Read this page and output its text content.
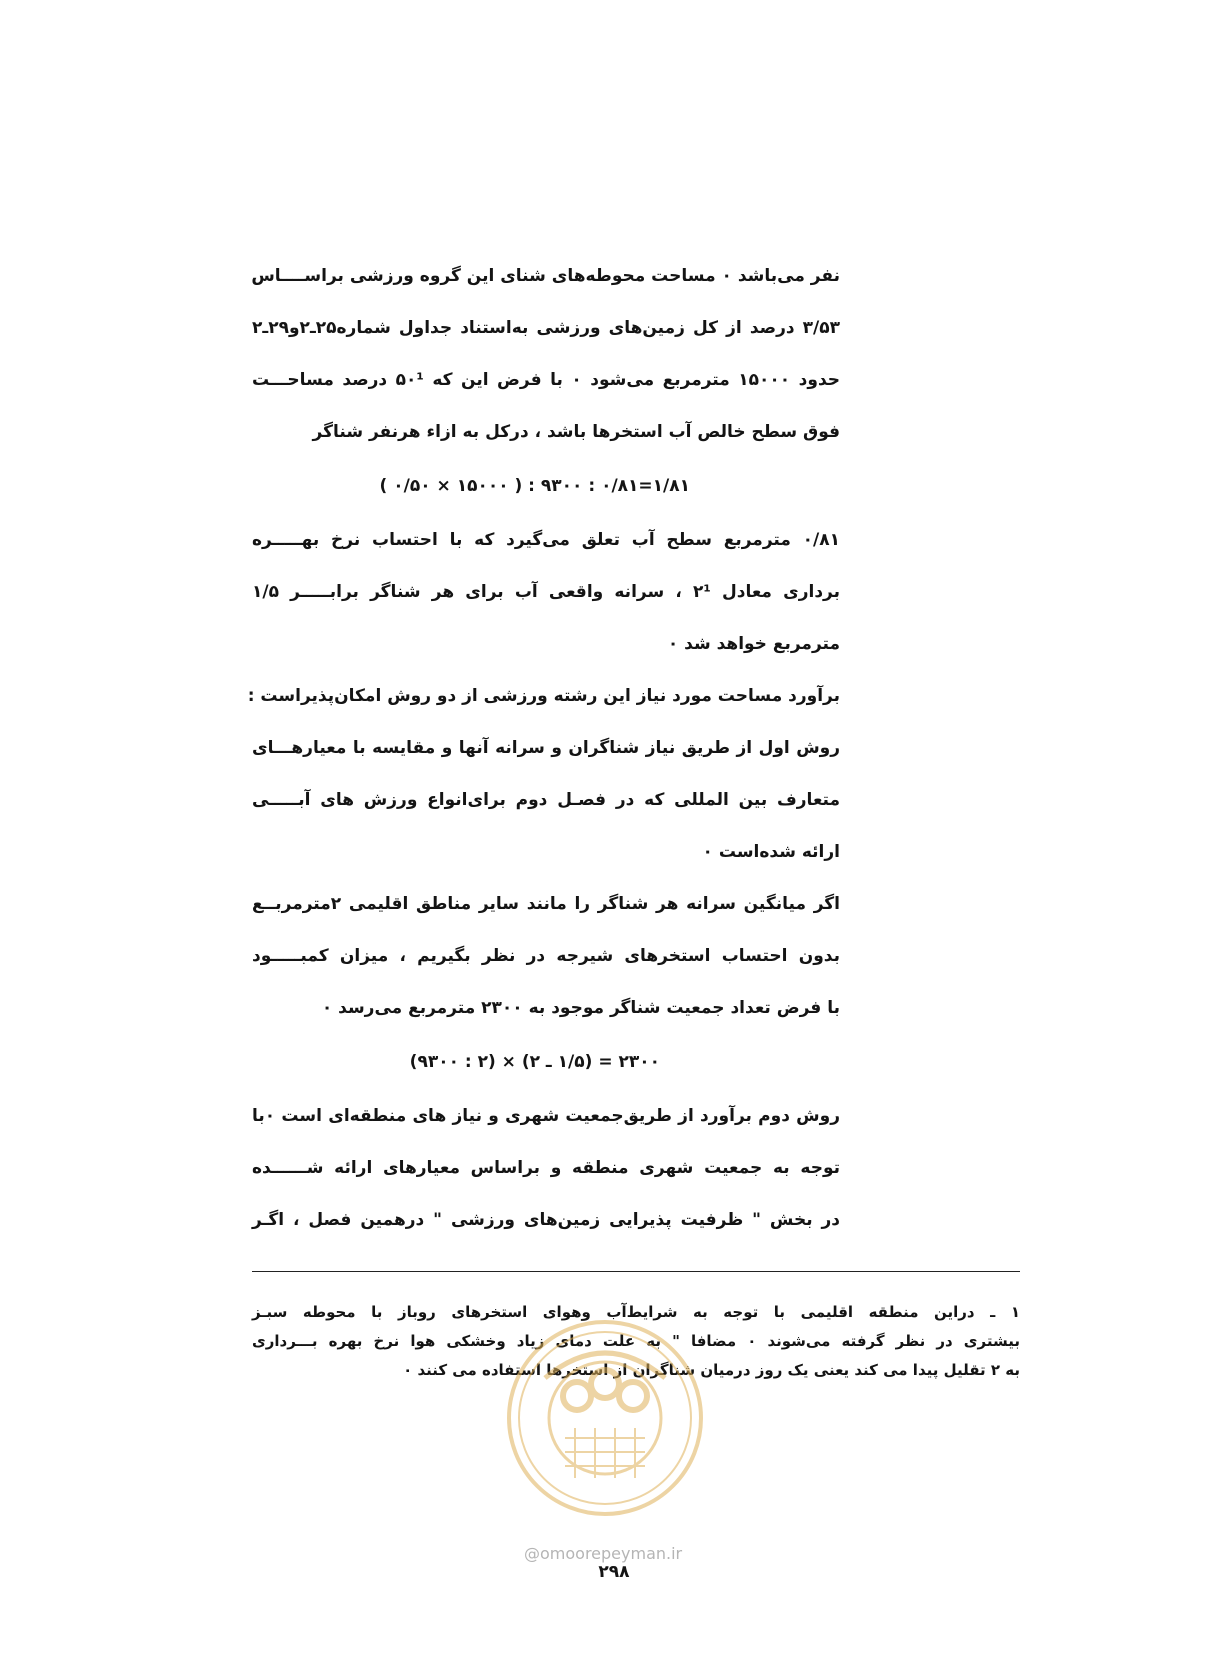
نفر می‌باشد ۰ مساحت محوطه‌های شنای این گروه ورزشی براســــاس
۳/۵۳ درصد از کل زمین‌های ورزشی به‌استناد جداول شماره۲۵ـ۲و۲۹ـ۲
حدود ۱۵۰۰۰ مترمربع می‌شود ۰ با فرض این که ۵۰¹ درصد مساحـــت
فوق سطح خالص آب استخرها باشد ، درکل به ازاء هرنفر شناگر
۱/۸۱=۰/۸۱ : ۹۳۰۰ : ( ۱۵۰۰۰ × ۰/۵۰ )
۰/۸۱ مترمربع سطح آب تعلق می‌گیرد که با احتساب نرخ بهـــــره
برداری معادل ۲¹ ، سرانه واقعی آب برای هر شناگر برابـــــر ۱/۵
مترمربع خواهد شد ۰
برآورد مساحت مورد نیاز این رشته ورزشی از دو روش امکان‌پذیراست :
روش اول از طریق نیاز شناگران و سرانه آنها و مقایسه با معیارهـــای
متعارف بین المللی که در فصـل دوم برای‌انواع ورزش های آبـــــی
ارائه شده‌است ۰
اگر میانگین سرانه هر شناگر را مانند سایر مناطق اقلیمی ۲مترمربــع
بدون احتساب استخرهای شیرجه در نظر بگیریم ، میزان کمبـــــود
با فرض تعداد جمعیت شناگر موجود به ۲۳۰۰ مترمربع می‌رسد ۰
۲۳۰۰ = (۱/۵ ـ ۲) × (۲ : ۹۳۰۰)
روش دوم برآورد از طریق‌جمعیت شهری و نیاز های منطقه‌ای است ۰با
توجه به جمعیت شهری منطقه و براساس معیارهای ارائه شــــــده
در بخش " ظرفیت پذیرایی زمین‌های ورزشی " درهمین فصل ، اگـر
۱ ـ دراین منطقه اقلیمی با توجه به شرایط‌آب وهوای استخرهای روباز با محوطه سبـز
بیشتری در نظر گرفته می‌شوند ۰ مضافا " به علت دمای زیاد وخشکی هوا نرخ بهره بـــرداری
به ۲ تقلیل پیدا می کند یعنی یک روز درمیان شناگران از استخرها استفاده می کنند ۰
@omoorepeyman.ir
۲۹۸
